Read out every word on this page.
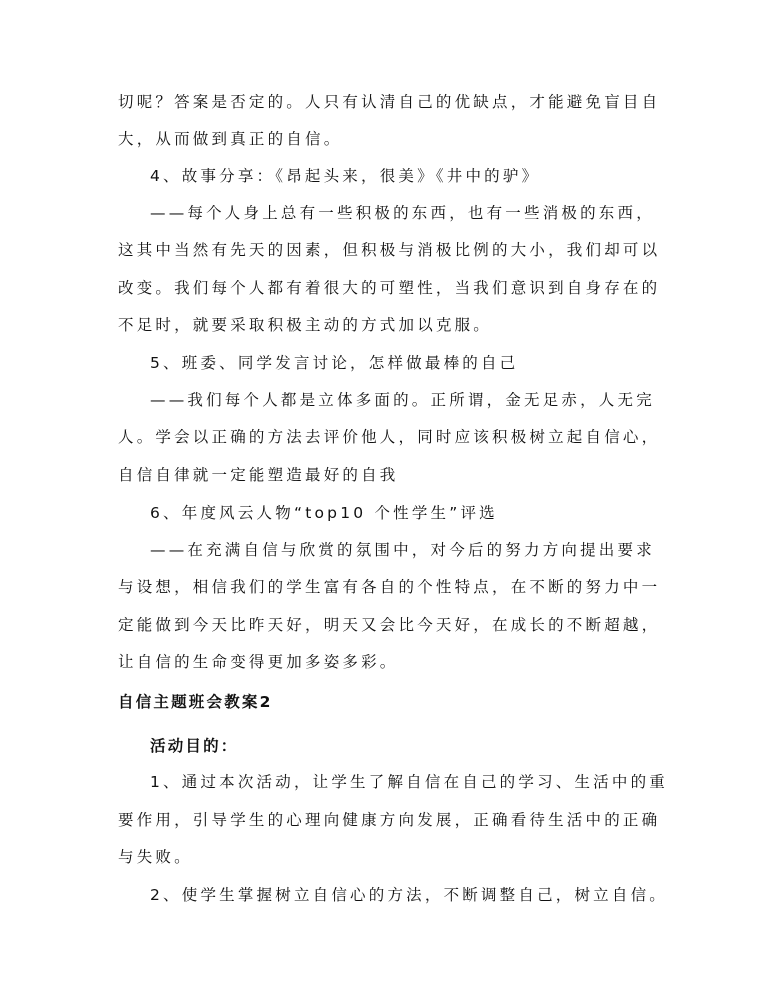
切呢？答案是否定的。人只有认清自己的优缺点，才能避免盲目自

大，从而做到真正的自信。

4、故事分享：《昂起头来，很美》《井中的驴》

——每个人身上总有一些积极的东西，也有一些消极的东西，

这其中当然有先天的因素，但积极与消极比例的大小，我们却可以

改变。我们每个人都有着很大的可塑性，当我们意识到自身存在的

不足时，就要采取积极主动的方式加以克服。

5、班委、同学发言讨论，怎样做最棒的自己

——我们每个人都是立体多面的。正所谓，金无足赤，人无完

人。学会以正确的方法去评价他人，同时应该积极树立起自信心，

自信自律就一定能塑造最好的自我

6、年度风云人物“top10 个性学生”评选

——在充满自信与欣赏的氛围中，对今后的努力方向提出要求

与设想，相信我们的学生富有各自的个性特点，在不断的努力中一

定能做到今天比昨天好，明天又会比今天好，在成长的不断超越，

让自信的生命变得更加多姿多彩。

自信主题班会教案2

活动目的：

1、通过本次活动，让学生了解自信在自己的学习、生活中的重

要作用，引导学生的心理向健康方向发展，正确看待生活中的正确

与失败。

2、使学生掌握树立自信心的方法，不断调整自己，树立自信。
